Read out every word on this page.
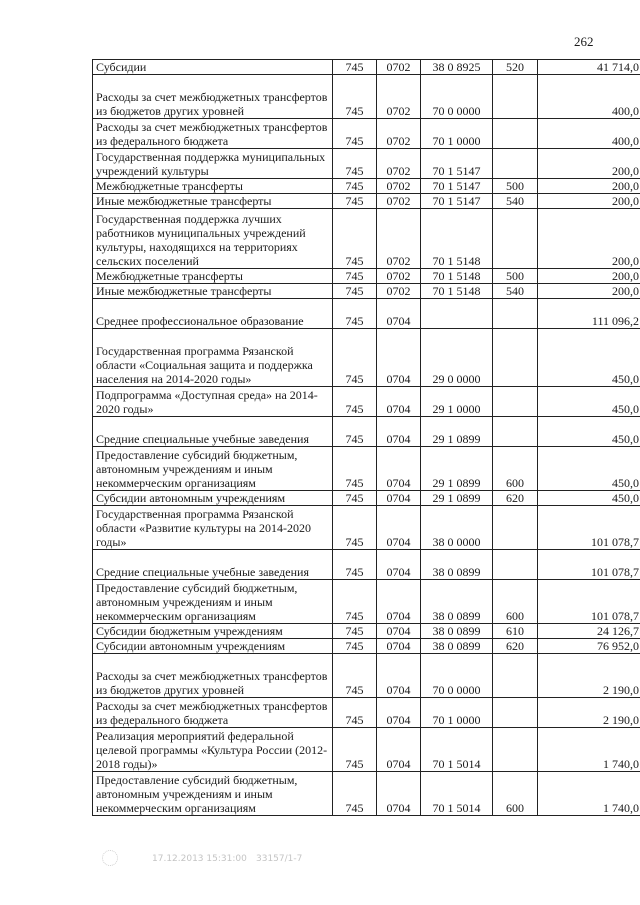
262
Субсидии	745	0702	38 0 8925	520	41 714,0
Расходы за счет межбюджетных трансфертов из бюджетов других уровней	745	0702	70 0 0000		400,0
Расходы за счет межбюджетных трансфертов из федерального бюджета	745	0702	70 1 0000		400,0
Государственная поддержка муниципальных учреждений культуры	745	0702	70 1 5147		200,0
Межбюджетные трансферты	745	0702	70 1 5147	500	200,0
Иные межбюджетные трансферты	745	0702	70 1 5147	540	200,0
Государственная поддержка лучших работников муниципальных учреждений культуры, находящихся на территориях сельских поселений	745	0702	70 1 5148		200,0
Межбюджетные трансферты	745	0702	70 1 5148	500	200,0
Иные межбюджетные трансферты	745	0702	70 1 5148	540	200,0
Среднее профессиональное образование	745	0704			111 096,2
Государственная программа Рязанской области «Социальная защита и поддержка населения на 2014-2020 годы»	745	0704	29 0 0000		450,0
Подпрограмма «Доступная среда» на 2014-2020 годы»	745	0704	29 1 0000		450,0
Средние специальные учебные заведения	745	0704	29 1 0899		450,0
Предоставление субсидий бюджетным, автономным учреждениям и иным некоммерческим организациям	745	0704	29 1 0899	600	450,0
Субсидии автономным учреждениям	745	0704	29 1 0899	620	450,0
Государственная программа Рязанской области «Развитие культуры на 2014-2020 годы»	745	0704	38 0 0000		101 078,7
Средние специальные учебные заведения	745	0704	38 0 0899		101 078,7
Предоставление субсидий бюджетным, автономным учреждениям и иным некоммерческим организациям	745	0704	38 0 0899	600	101 078,7
Субсидии бюджетным учреждениям	745	0704	38 0 0899	610	24 126,7
Субсидии автономным учреждениям	745	0704	38 0 0899	620	76 952,0
Расходы за счет межбюджетных трансфертов из бюджетов других уровней	745	0704	70 0 0000		2 190,0
Расходы за счет межбюджетных трансфертов из федерального бюджета	745	0704	70 1 0000		2 190,0
Реализация мероприятий федеральной целевой программы «Культура России (2012-2018 годы)»	745	0704	70 1 5014		1 740,0
Предоставление субсидий бюджетным, автономным учреждениям и иным некоммерческим организациям	745	0704	70 1 5014	600	1 740,0
17.12.2013 15:31:00 33157/1-7
